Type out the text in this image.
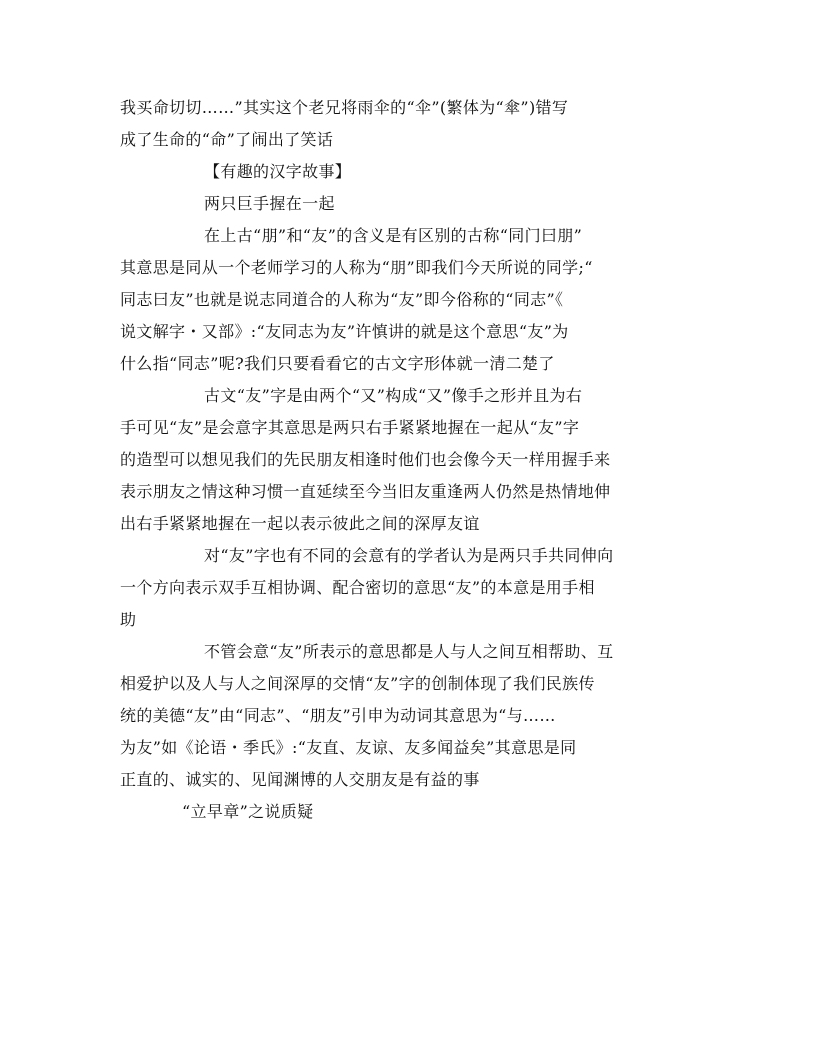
我买命切切……”其实这个老兄将雨伞的“伞”(繁体为“傘”)错写
成了生命的“命”了闹出了笑话
【有趣的汉字故事】
两只巨手握在一起
在上古“朋”和“友”的含义是有区别的古称“同门曰朋”
其意思是同从一个老师学习的人称为“朋”即我们今天所说的同学;“
同志曰友”也就是说志同道合的人称为“友”即今俗称的“同志”《
说文解字・又部》:“友同志为友”许慎讲的就是这个意思“友”为
什么指“同志”呢?我们只要看看它的古文字形体就一清二楚了
古文“友”字是由两个“又”构成“又”像手之形并且为右
手可见“友”是会意字其意思是两只右手紧紧地握在一起从“友”字
的造型可以想见我们的先民朋友相逢时他们也会像今天一样用握手来
表示朋友之情这种习惯一直延续至今当旧友重逢两人仍然是热情地伸
出右手紧紧地握在一起以表示彼此之间的深厚友谊
对“友”字也有不同的会意有的学者认为是两只手共同伸向
一个方向表示双手互相协调、配合密切的意思“友”的本意是用手相
助
不管会意“友”所表示的意思都是人与人之间互相帮助、互
相爱护以及人与人之间深厚的交情“友”字的创制体现了我们民族传
统的美德“友”由“同志”、“朋友”引申为动词其意思为“与……
为友”如《论语・季氏》:“友直、友谅、友多闻益矣”其意思是同
正直的、诚实的、见闻渊博的人交朋友是有益的事
“立早章”之说质疑
